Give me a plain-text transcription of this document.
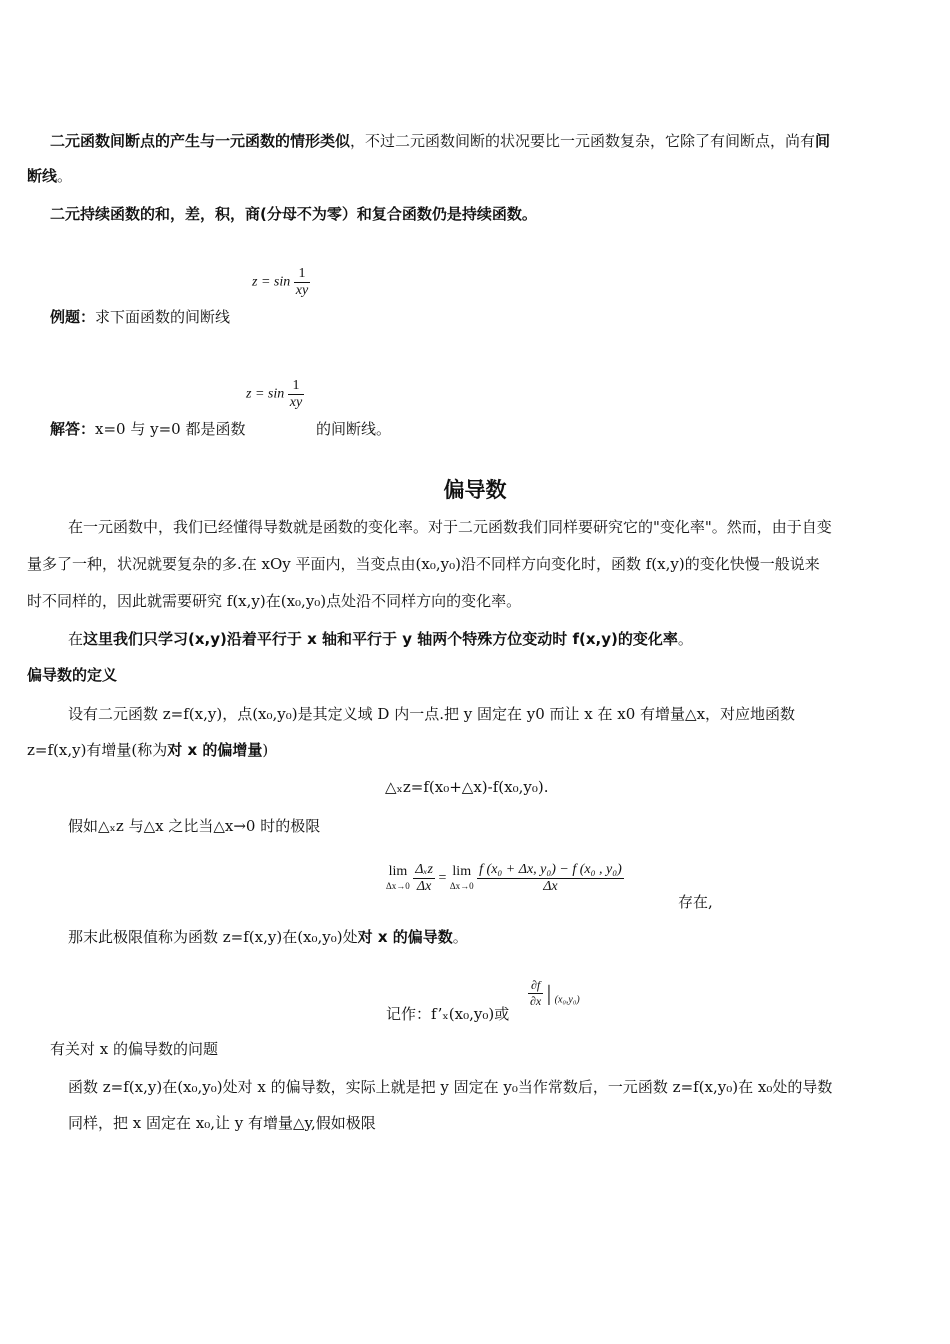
二元函数间断点的产生与一元函数的情形类似，不过二元函数间断的状况要比一元函数复杂，它除了有间断点，尚有间
断线。
二元持续函数的和，差，积，商(分母不为零）和复合函数仍是持续函数。
$z = \sin \frac{1}{xy}$
例题：求下面函数的间断线
$z = \sin \frac{1}{xy}$
解答：x=0 与 y=0 都是函数	的间断线。
偏导数
在一元函数中，我们已经懂得导数就是函数的变化率。对于二元函数我们同样要研究它的"变化率"。然而，由于自变
量多了一种，状况就要复杂的多.在 xOy 平面内，当变点由(x₀,y₀)沿不同样方向变化时，函数 f(x,y)的变化快慢一般说来
时不同样的，因此就需要研究 f(x,y)在(x₀,y₀)点处沿不同样方向的变化率。
在这里我们只学习(x,y)沿着平行于 x 轴和平行于 y 轴两个特殊方位变动时 f(x,y)的变化率。
偏导数的定义
设有二元函数 z=f(x,y)，点(x₀,y₀)是其定义域 D 内一点.把 y 固定在 y0 而让 x 在 x0 有增量△x，对应地函数
z=f(x,y)有增量(称为对 x 的偏增量)
△ₓz=f(x₀+△x)-f(x₀,y₀).
假如△ₓz 与△x 之比当△x→0 时的极限
lim
Δx→0
$\frac{\text{Δₓz}}{\Delta x} = \lim$
Δx→0
$\frac{\text{f (x₀ + Δx, y₀) − f (x₀ , y₀)}}{\Delta x}$
存在,
那末此极限值称为函数 z=f(x,y)在(x₀,y₀)处对 x 的偏导数。
记作：f’ₓ(x₀,y₀)或
$\frac{\partial f}{\partial x}$ | $_{(x_0,y_0)}$
有关对 x 的偏导数的问题
函数 z=f(x,y)在(x₀,y₀)处对 x 的偏导数，实际上就是把 y 固定在 y₀当作常数后，一元函数 z=f(x,y₀)在 x₀处的导数
同样，把 x 固定在 x₀,让 y 有增量△y,假如极限
